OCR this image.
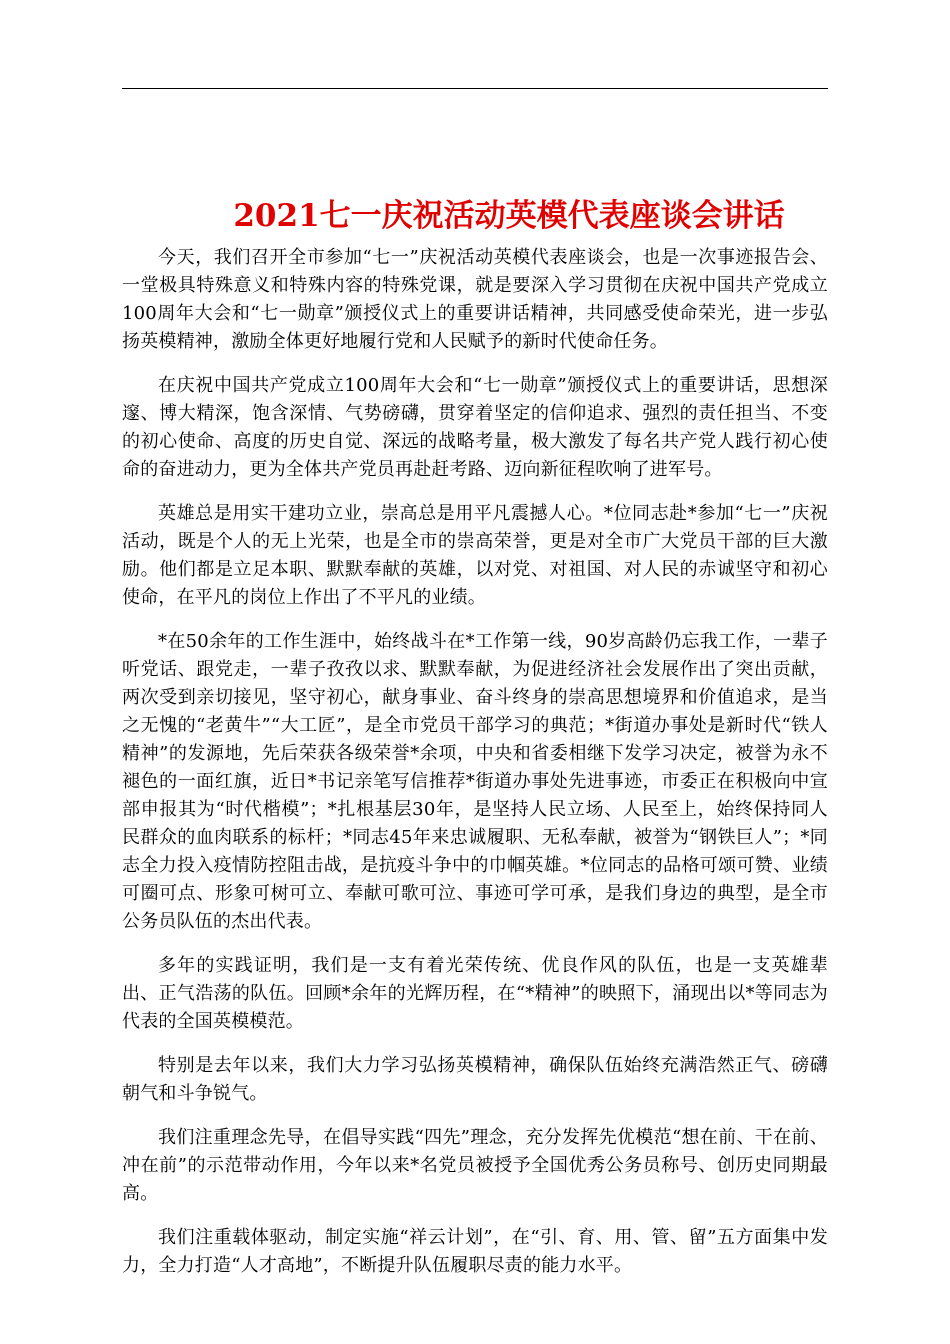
2021七一庆祝活动英模代表座谈会讲话

今天，我们召开全市参加“七一”庆祝活动英模代表座谈会，也是一次事迹报告会、一堂极具特殊意义和特殊内容的特殊党课，就是要深入学习贯彻在庆祝中国共产党成立100周年大会和“七一勋章”颁授仪式上的重要讲话精神，共同感受使命荣光，进一步弘扬英模精神，激励全体更好地履行党和人民赋予的新时代使命任务。

在庆祝中国共产党成立100周年大会和“七一勋章”颁授仪式上的重要讲话，思想深邃、博大精深，饱含深情、气势磅礴，贯穿着坚定的信仰追求、强烈的责任担当、不变的初心使命、高度的历史自觉、深远的战略考量，极大激发了每名共产党人践行初心使命的奋进动力，更为全体共产党员再赴赶考路、迈向新征程吹响了进军号。

英雄总是用实干建功立业，崇高总是用平凡震撼人心。*位同志赴*参加“七一”庆祝活动，既是个人的无上光荣，也是全市的崇高荣誉，更是对全市广大党员干部的巨大激励。他们都是立足本职、默默奉献的英雄，以对党、对祖国、对人民的赤诚坚守和初心使命，在平凡的岗位上作出了不平凡的业绩。

*在50余年的工作生涯中，始终战斗在*工作第一线，90岁高龄仍忘我工作，一辈子听党话、跟党走，一辈子孜孜以求、默默奉献，为促进经济社会发展作出了突出贡献，两次受到亲切接见，坚守初心，献身事业、奋斗终身的崇高思想境界和价值追求，是当之无愧的“老黄牛”“大工匠”，是全市党员干部学习的典范；*街道办事处是新时代“铁人精神”的发源地，先后荣获各级荣誉*余项，中央和省委相继下发学习决定，被誉为永不褪色的一面红旗，近日*书记亲笔写信推荐*街道办事处先进事迹，市委正在积极向中宣部申报其为“时代楷模”；*扎根基层30年，是坚持人民立场、人民至上，始终保持同人民群众的血肉联系的标杆；*同志45年来忠诚履职、无私奉献，被誉为“钢铁巨人”；*同志全力投入疫情防控阻击战，是抗疫斗争中的巾帼英雄。*位同志的品格可颂可赞、业绩可圈可点、形象可树可立、奉献可歌可泣、事迹可学可承，是我们身边的典型，是全市公务员队伍的杰出代表。

多年的实践证明，我们是一支有着光荣传统、优良作风的队伍，也是一支英雄辈出、正气浩荡的队伍。回顾*余年的光辉历程，在“*精神”的映照下，涌现出以*等同志为代表的全国英模模范。

特别是去年以来，我们大力学习弘扬英模精神，确保队伍始终充满浩然正气、磅礴朝气和斗争锐气。

我们注重理念先导，在倡导实践“四先”理念，充分发挥先优模范“想在前、干在前、冲在前”的示范带动作用，今年以来*名党员被授予全国优秀公务员称号、创历史同期最高。

我们注重载体驱动，制定实施“祥云计划”，在“引、育、用、管、留”五方面集中发力，全力打造“人才高地”，不断提升队伍履职尽责的能力水平。
